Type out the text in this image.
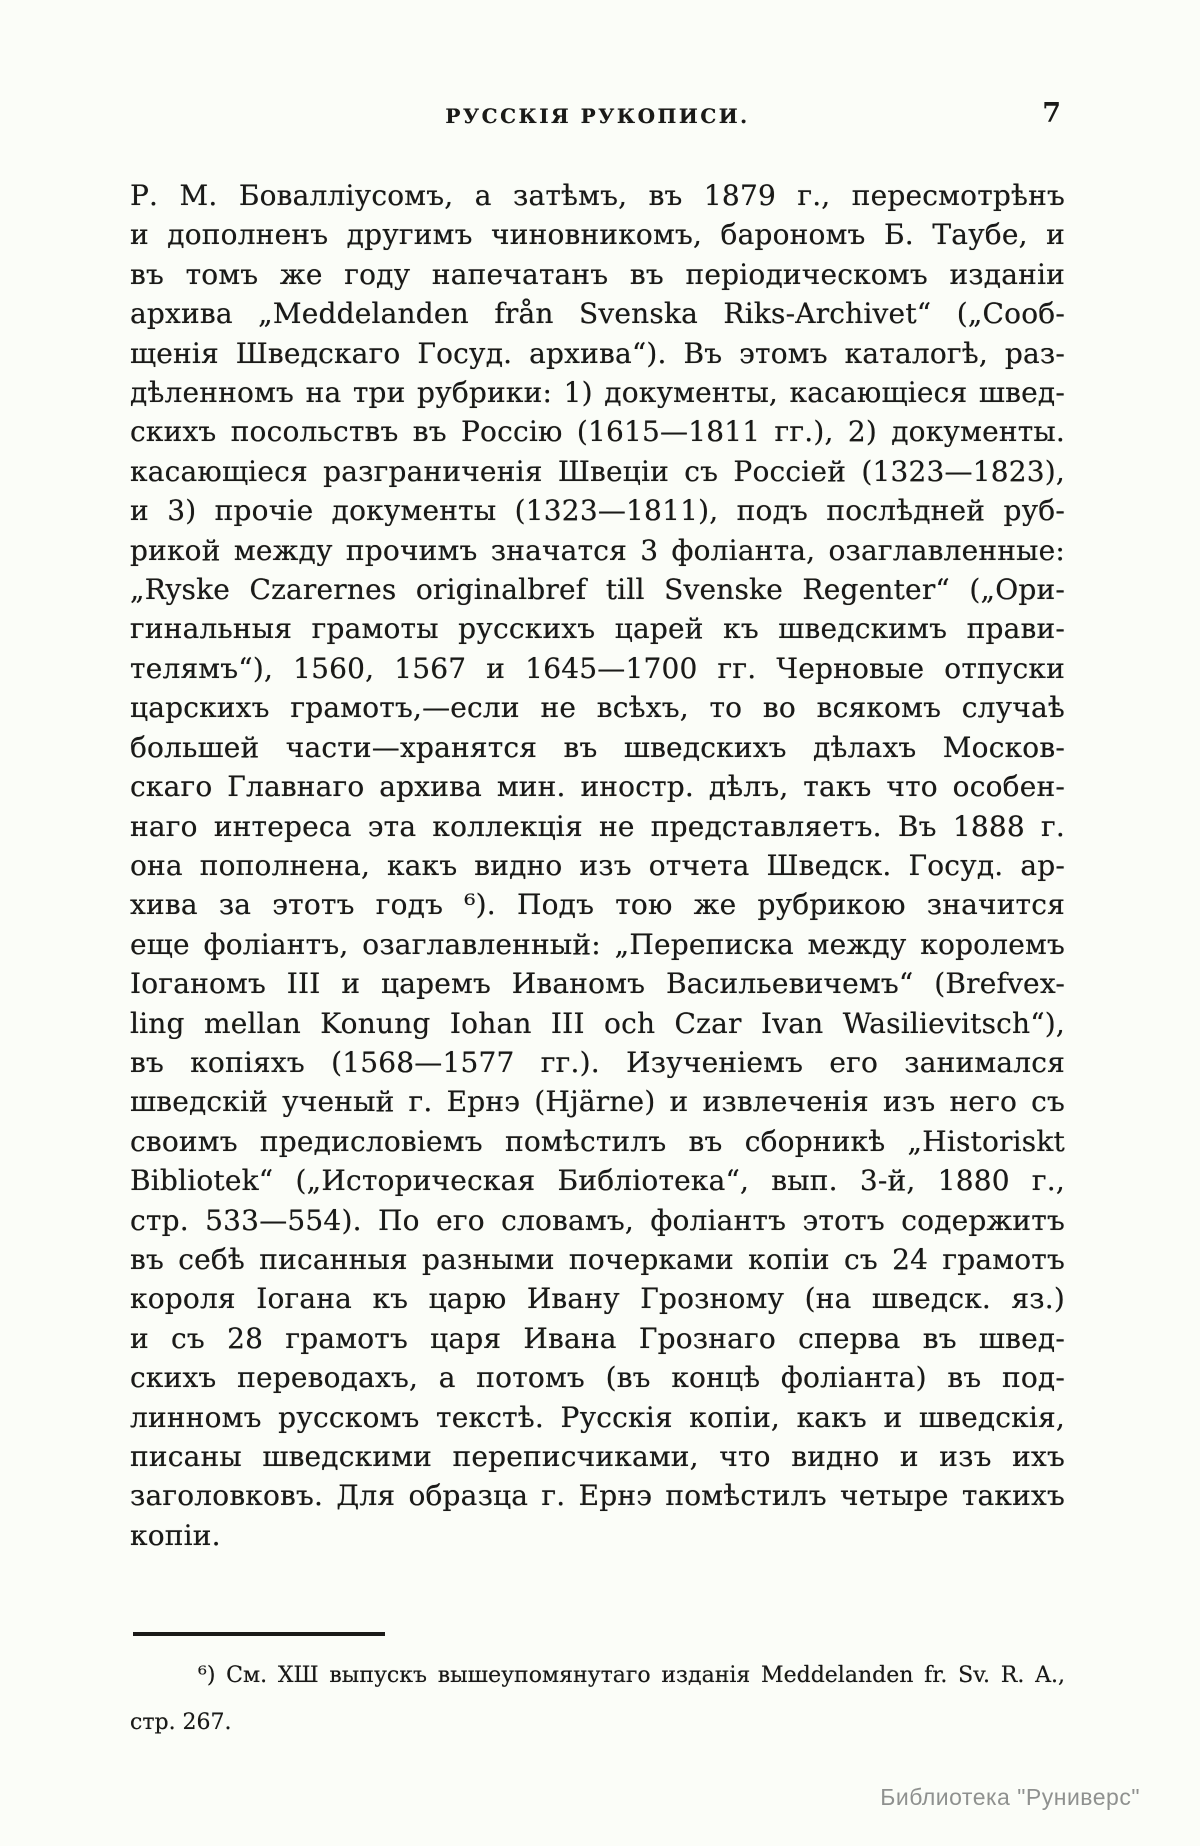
РУССКІЯ РУКОПИСИ.	7
Р. М. Бовалліусомъ, а затѣмъ, въ 1879 г., пересмотрѣнъ
и дополненъ другимъ чиновникомъ, барономъ Б. Таубе, и
въ томъ же году напечатанъ въ періодическомъ изданіи
архива „Meddelanden från Svenska Riks-Archivet“ („Сооб-
щенія Шведскаго Госуд. архива“). Въ этомъ каталогѣ, раз-
дѣленномъ на три рубрики: 1) документы, касающіеся швед-
скихъ посольствъ въ Россію (1615—1811 гг.), 2) документы.
касающіеся разграниченія Швеціи съ Россіей (1323—1823),
и 3) прочіе документы (1323—1811), подъ послѣдней руб-
рикой между прочимъ значатся 3 фоліанта, озаглавленные:
„Ryske Czarernes originalbref till Svenske Regenter“ („Ори-
гинальныя грамоты русскихъ царей къ шведскимъ прави-
телямъ“), 1560, 1567 и 1645—1700 гг. Черновые отпуски
царскихъ грамотъ,—если не всѣхъ, то во всякомъ случаѣ
большей части—хранятся въ шведскихъ дѣлахъ Москов-
скаго Главнаго архива мин. иностр. дѣлъ, такъ что особен-
наго интереса эта коллекція не представляетъ. Въ 1888 г.
она пополнена, какъ видно изъ отчета Шведск. Госуд. ар-
хива за этотъ годъ ⁶). Подъ тою же рубрикою значится
еще фоліантъ, озаглавленный: „Переписка между королемъ
Іоганомъ III и царемъ Иваномъ Васильевичемъ“ (Brefvex-
ling mellan Konung Iohan III och Czar Ivan Wasilievitsch“),
въ копіяхъ (1568—1577 гг.). Изученіемъ его занимался
шведскій ученый г. Ернэ (Hjärne) и извлеченія изъ него съ
своимъ предисловіемъ помѣстилъ въ сборникѣ „Historiskt
Bibliotek“ („Историческая Библіотека“, вып. 3-й, 1880 г.,
стр. 533—554). По его словамъ, фоліантъ этотъ содержитъ
въ себѣ писанныя разными почерками копіи съ 24 грамотъ
короля Іогана къ царю Ивану Грозному (на шведск. яз.)
и съ 28 грамотъ царя Ивана Грознаго сперва въ швед-
скихъ переводахъ, а потомъ (въ концѣ фоліанта) въ под-
линномъ русскомъ текстѣ. Русскія копіи, какъ и шведскія,
писаны шведскими переписчиками, что видно и изъ ихъ
заголовковъ. Для образца г. Ернэ помѣстилъ четыре такихъ
копіи.
⁶) См. ХШ выпускъ вышеупомянутаго изданія Meddelanden fr. Sv. R. A.,
стр. 267.
Библиотека "Руниверс"
